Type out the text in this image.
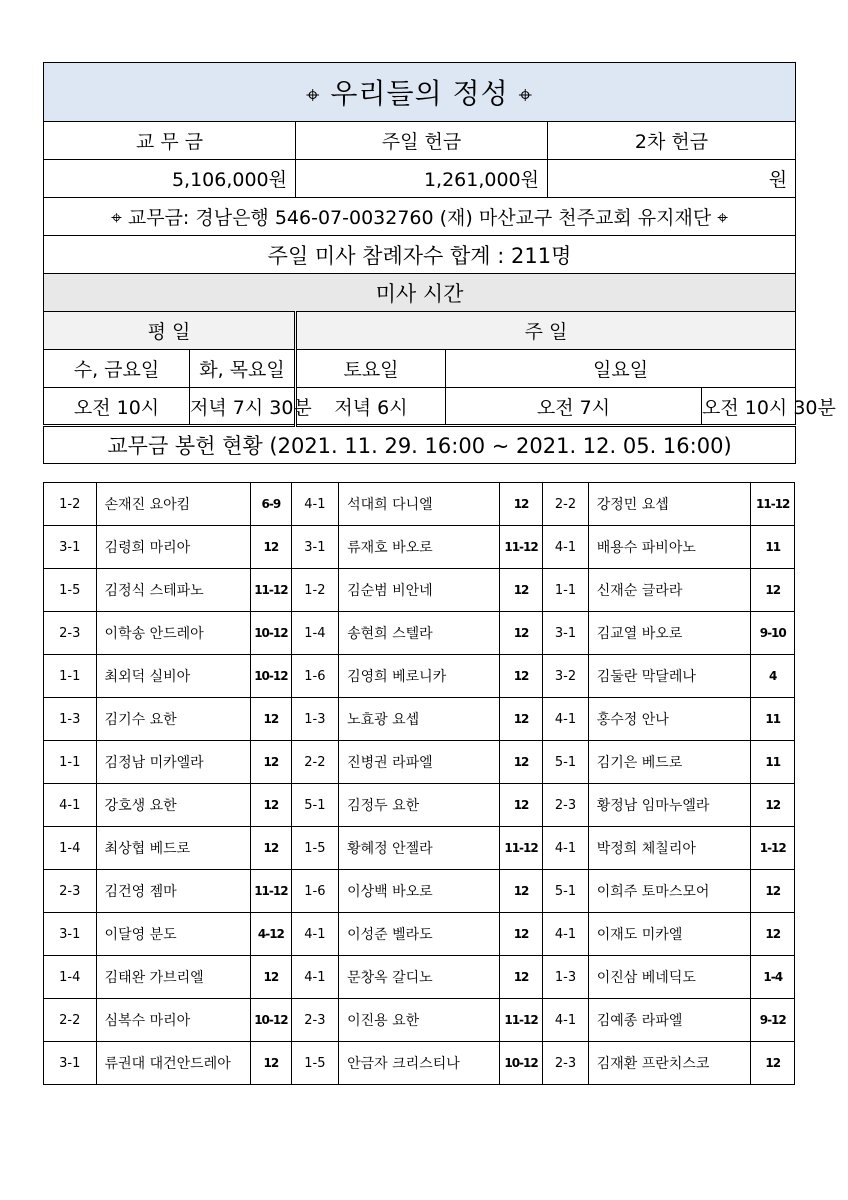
⌖ 우리들의 정성 ⌖					
교 무 금		주일 헌금		2차 헌금	
5,106,000원		1,261,000원		원	
⌖ 교무금: 경남은행 546-07-0032760 (재) 마산교구 천주교회 유지재단 ⌖					
주일 미사 참례자수 합계 : 211명					
미사 시간					
평 일		주 일			
수, 금요일	화, 목요일	토요일	일요일		
오전 10시	저녁 7시 30분	저녁 6시	오전 7시		오전 10시 30분
교무금 봉헌 현황 (2021. 11. 29. 16:00 ~ 2021. 12. 05. 16:00)					
1-2	손재진 요아킴	6-9	4-1	석대희 다니엘	12	2-2	강정민 요셉	11-12
3-1	김령희 마리아	12	3-1	류재호 바오로	11-12	4-1	배용수 파비아노	11
1-5	김정식 스테파노	11-12	1-2	김순범 비안네	12	1-1	신재순 글라라	12
2-3	이학송 안드레아	10-12	1-4	송현희 스텔라	12	3-1	김교열 바오로	9-10
1-1	최외덕 실비아	10-12	1-6	김영희 베로니카	12	3-2	김둘란 막달레나	4
1-3	김기수 요한	12	1-3	노효광 요셉	12	4-1	홍수정 안나	11
1-1	김정남 미카엘라	12	2-2	진병권 라파엘	12	5-1	김기은 베드로	11
4-1	강호생 요한	12	5-1	김정두 요한	12	2-3	황정남 임마누엘라	12
1-4	최상협 베드로	12	1-5	황혜정 안젤라	11-12	4-1	박정희 체칠리아	1-12
2-3	김건영 젬마	11-12	1-6	이상백 바오로	12	5-1	이희주 토마스모어	12
3-1	이달영 분도	4-12	4-1	이성준 벨라도	12	4-1	이재도 미카엘	12
1-4	김태완 가브리엘	12	4-1	문창옥 갈디노	12	1-3	이진삼 베네딕도	1-4
2-2	심복수 마리아	10-12	2-3	이진용 요한	11-12	4-1	김예종 라파엘	9-12
3-1	류권대 대건안드레아	12	1-5	안금자 크리스티나	10-12	2-3	김재환 프란치스코	12
